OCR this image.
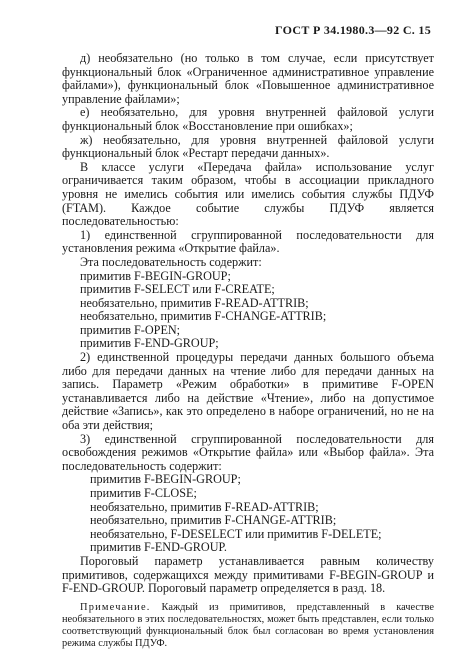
ГОСТ Р 34.1980.3—92 С. 15

д) необязательно (но только в том случае, если присутствует функциональный блок «Ограниченное административное управление файлами»), функциональный блок «Повышенное административное управление файлами»;

е) необязательно, для уровня внутренней файловой услуги функциональный блок «Восстановление при ошибках»;

ж) необязательно, для уровня внутренней файловой услуги функциональный блок «Рестарт передачи данных».

В классе услуги «Передача файла» использование услуг ограничивается таким образом, чтобы в ассоциации прикладного уровня не имелись события или имелись события службы ПДУФ (FTAM). Каждое событие службы ПДУФ является последовательностью:

1) единственной сгруппированной последовательности для установления режима «Открытие файла».

Эта последовательность содержит:

примитив F-BEGIN-GROUP;

примитив F-SELECT или F-CREATE;

необязательно, примитив F-READ-ATTRIB;

необязательно, примитив F-CHANGE-ATTRIB;

примитив F-OPEN;

примитив F-END-GROUP;

2) единственной процедуры передачи данных большого объема либо для передачи данных на чтение либо для передачи данных на запись. Параметр «Режим обработки» в примитиве F-OPEN устанавливается либо на действие «Чтение», либо на допустимое действие «Запись», как это определено в наборе ограничений, но не на оба эти действия;

3) единственной сгруппированной последовательности для освобождения режимов «Открытие файла» или «Выбор файла». Эта последовательность содержит:

примитив F-BEGIN-GROUP;

примитив F-CLOSE;

необязательно, примитив F-READ-ATTRIB;

необязательно, примитив F-CHANGE-ATTRIB;

необязательно, F-DESELECT или примитив F-DELETE;

примитив F-END-GROUP.

Пороговый параметр устанавливается равным количеству примитивов, содержащихся между примитивами F-BEGIN-GROUP и F-END-GROUP. Пороговый параметр определяется в разд. 18.

Примечание. Каждый из примитивов, представленный в качестве необязательного в этих последовательностях, может быть представлен, если только соответствующий функциональный блок был согласован во время установления режима службы ПДУФ.
